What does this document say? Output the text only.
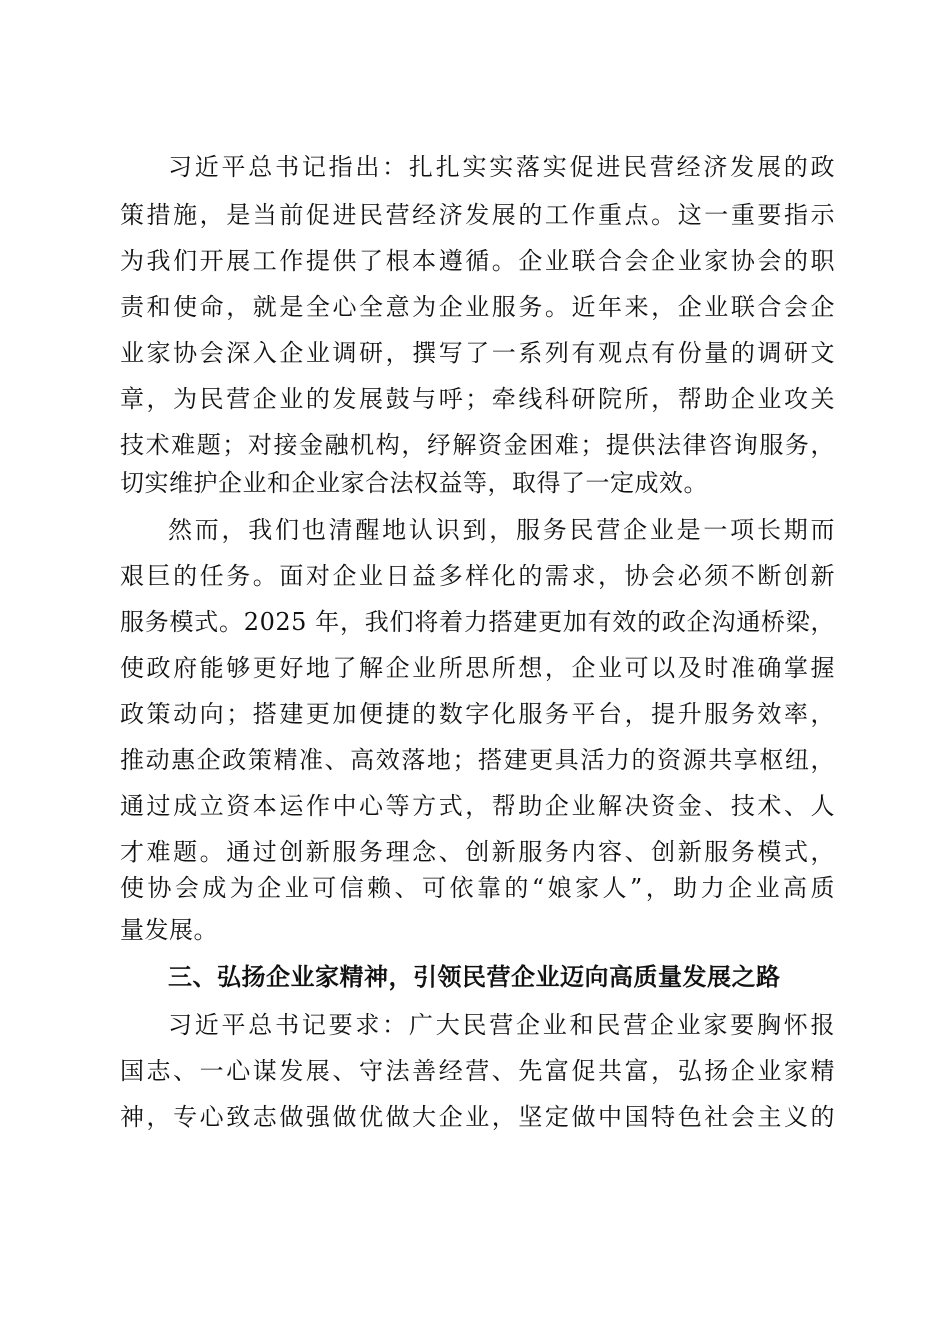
习近平总书记指出：扎扎实实落实促进民营经济发展的政
策措施，是当前促进民营经济发展的工作重点。这一重要指示
为我们开展工作提供了根本遵循。企业联合会企业家协会的职
责和使命，就是全心全意为企业服务。近年来，企业联合会企
业家协会深入企业调研，撰写了一系列有观点有份量的调研文
章，为民营企业的发展鼓与呼；牵线科研院所，帮助企业攻关
技术难题；对接金融机构，纾解资金困难；提供法律咨询服务，
切实维护企业和企业家合法权益等，取得了一定成效。
然而，我们也清醒地认识到，服务民营企业是一项长期而
艰巨的任务。面对企业日益多样化的需求，协会必须不断创新
服务模式。2025 年，我们将着力搭建更加有效的政企沟通桥梁，
使政府能够更好地了解企业所思所想，企业可以及时准确掌握
政策动向；搭建更加便捷的数字化服务平台，提升服务效率，
推动惠企政策精准、高效落地；搭建更具活力的资源共享枢纽，
通过成立资本运作中心等方式，帮助企业解决资金、技术、人
才难题。通过创新服务理念、创新服务内容、创新服务模式，
使协会成为企业可信赖、可依靠的“娘家人”，助力企业高质
量发展。
三、弘扬企业家精神，引领民营企业迈向高质量发展之路
习近平总书记要求：广大民营企业和民营企业家要胸怀报
国志、一心谋发展、守法善经营、先富促共富，弘扬企业家精
神，专心致志做强做优做大企业，坚定做中国特色社会主义的
